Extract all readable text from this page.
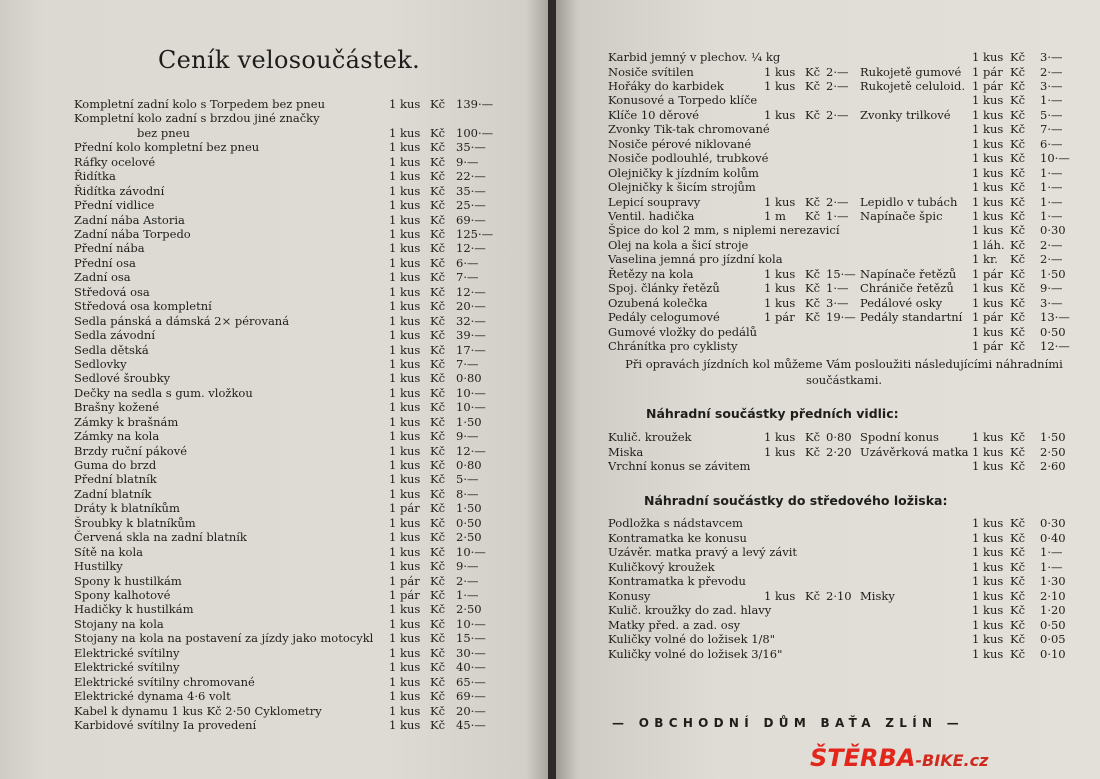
Ceník velosoučástek.
Kompletní zadní kolo s Torpedem bez pneu	1 kus Kč 139·—
Kompletní kolo zadní s brzdou jiné značky
bez pneu	1 kus Kč 100·—
Přední kolo kompletní bez pneu	1 kus Kč 35·—
Ráfky ocelové	1 kus Kč 9·—
Řidítka	1 kus Kč 22·—
Řidítka závodní	1 kus Kč 35·—
Přední vidlice	1 kus Kč 25·—
Zadní nába Astoria	1 kus Kč 69·—
Zadní nába Torpedo	1 kus Kč 125·—
Přední nába	1 kus Kč 12·—
Přední osa	1 kus Kč 6·—
Zadní osa	1 kus Kč 7·—
Středová osa	1 kus Kč 12·—
Středová osa kompletní	1 kus Kč 20·—
Sedla pánská a dámská 2× pérovaná	1 kus Kč 32·—
Sedla závodní	1 kus Kč 39·—
Sedla dětská	1 kus Kč 17·—
Sedlovky	1 kus Kč 7·—
Sedlové šroubky	1 kus Kč 0·80
Dečky na sedla s gum. vložkou	1 kus Kč 10·—
Brašny kožené	1 kus Kč 10·—
Zámky k brašnám	1 kus Kč 1·50
Zámky na kola	1 kus Kč 9·—
Brzdy ruční pákové	1 kus Kč 12·—
Guma do brzd	1 kus Kč 0·80
Přední blatník	1 kus Kč 5·—
Zadní blatník	1 kus Kč 8·—
Dráty k blatníkům	1 pár Kč 1·50
Šroubky k blatníkům	1 kus Kč 0·50
Červená skla na zadní blatník	1 kus Kč 2·50
Sítě na kola	1 kus Kč 10·—
Hustilky	1 kus Kč 9·—
Spony k hustilkám	1 pár Kč 2·—
Spony kalhotové	1 pár Kč 1·—
Hadičky k hustilkám	1 kus Kč 2·50
Stojany na kola	1 kus Kč 10·—
Stojany na kola na postavení za jízdy jako motocykl 1 kus Kč 15·—
Elektrické svítilny	1 kus Kč 30·—
Elektrické svítilny	1 kus Kč 40·—
Elektrické svítilny chromované	1 kus Kč 65·—
Elektrické dynama 4·6 volt	1 kus Kč 69·—
Kabel k dynamu 1 kus Kč 2·50 Cyklometry	1 kus Kč 20·—
Karbidové svítilny Ia provedení	1 kus Kč 45·—
Při opravách jízdních kol můžeme Vám posloužiti následujícími náhradními součástkami.
Náhradní součástky předních vidlic:
Kulič. kroužek	1 kus Kč 0·80 Spodní konus	1 kus Kč 1·50
Miska	1 kus Kč 2·20 Uzávěrková matka 1 kus Kč 2·50
Vrchní konus se závitem	1 kus Kč 2·60
Náhradní součástky do středového ložiska:
Podložka s nádstavcem	1 kus Kč 0·30
Kontramatka ke konusu	1 kus Kč 0·40
Uzávěr. matka pravý a levý závit	1 kus Kč 1·—
Kuličkový kroužek	1 kus Kč 1·—
Kontramatka k převodu	1 kus Kč 1·30
Konusy	1 kus Kč 2·10 Misky	1 kus Kč 2·10
Kulič. kroužky do zad. hlavy	1 kus Kč 1·20
Matky před. a zad. osy	1 kus Kč 0·50
Kuličky volné do ložisek 1/8"	1 kus Kč 0·05
Kuličky volné do ložisek 3/16"	1 kus Kč 0·10
— OBCHODNÍ DŮM BAŤA ZLÍN —
ŠTĚRBA-BIKE.cz
Karbid jemný v plechov. ¼ kg	1 kus Kč 3·—
Nosiče svítilen	1 kus Kč 2·— Rukojetě gumové 1 pár Kč 2·—
Hořáky do karbidek	1 kus Kč 2·— Rukojetě celuloid. 1 pár Kč 3·—
Konusové a Torpedo klíče	1 kus Kč 1·—
Klíče 10 děrové	1 kus Kč 2·— Zvonky trilkové 1 kus Kč 5·—
Zvonky Tik-tak chromované	1 kus Kč 7·—
Nosiče pérové niklované	1 kus Kč 6·—
Nosiče podlouhlé, trubkové	1 kus Kč 10·—
Olejničky k jízdním kolům	1 kus Kč 1·—
Olejničky k šicím strojům	1 kus Kč 1·—
Lepicí soupravy	1 kus Kč 2·— Lepidlo v tubách 1 kus Kč 1·—
Ventil. hadička	1 m Kč 1·— Napínače špic	1 kus Kč 1·—
Špice do kol 2 mm, s niplemi nerezavicí	1 kus Kč 0·30
Olej na kola a šicí stroje	1 láh. Kč 2·—
Vaselina jemná pro jízdní kola	1 kr. Kč 2·—
Řetězy na kola	1 kus Kč 15·— Napínače řetězů 1 pár Kč 1·50
Spoj. články řetězů	1 kus Kč 1·— Chrániče řetězů 1 kus Kč 9·—
Ozubená kolečka	1 kus Kč 3·— Pedálové osky	1 kus Kč 3·—
Pedály celogumové	1 pár Kč 19·— Pedály standartní 1 pár Kč 13·—
Gumové vložky do pedálů	1 kus Kč 0·50
Chránítka pro cyklisty	1 pár Kč 12·—
